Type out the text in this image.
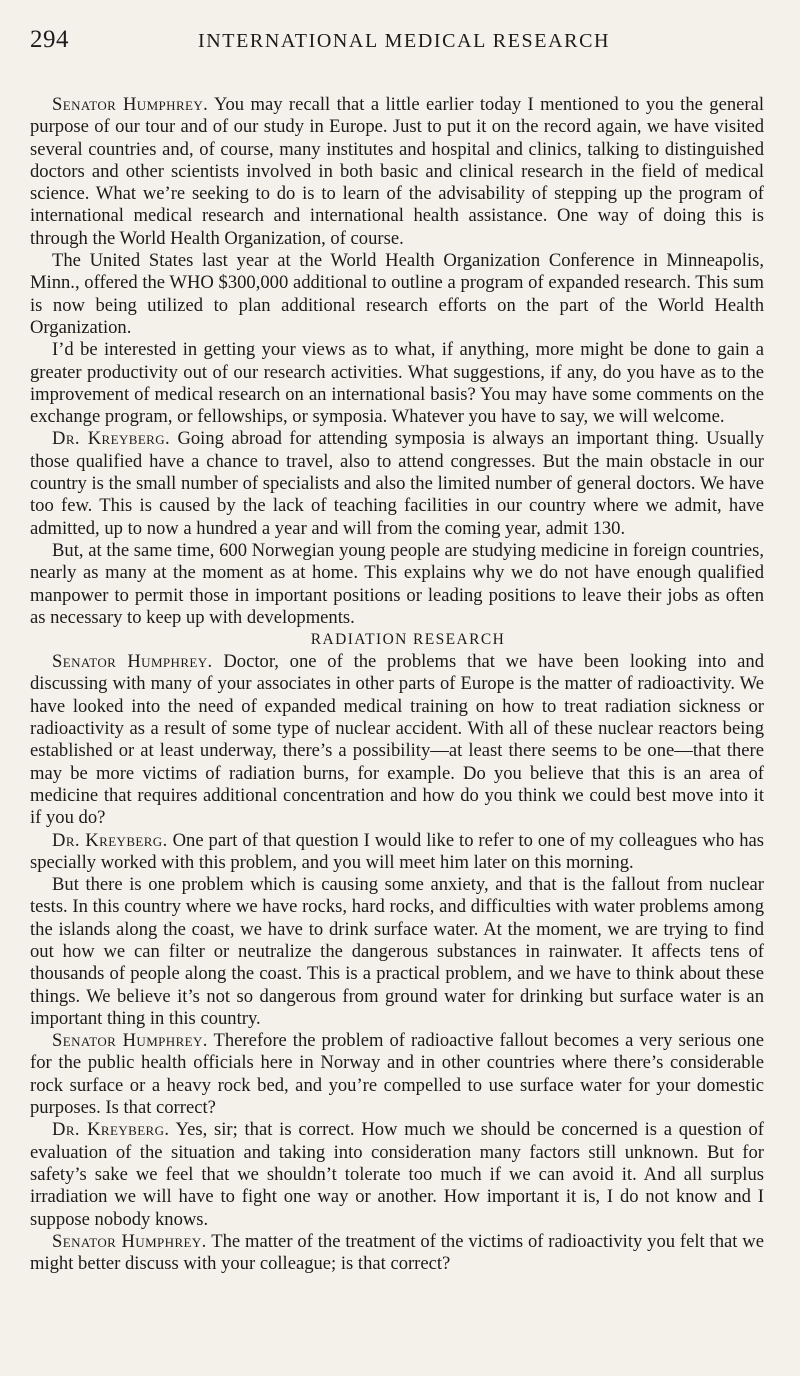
294	INTERNATIONAL MEDICAL RESEARCH

Senator Humphrey. You may recall that a little earlier today I mentioned to you the general purpose of our tour and of our study in Europe. Just to put it on the record again, we have visited several countries and, of course, many institutes and hospital and clinics, talking to distinguished doctors and other scientists involved in both basic and clinical research in the field of medical science. What we’re seeking to do is to learn of the advisability of stepping up the program of international medical research and international health assistance. One way of doing this is through the World Health Organization, of course.

The United States last year at the World Health Organization Conference in Minneapolis, Minn., offered the WHO $300,000 additional to outline a program of expanded research. This sum is now being utilized to plan additional research efforts on the part of the World Health Organization.

I’d be interested in getting your views as to what, if anything, more might be done to gain a greater productivity out of our research activities. What suggestions, if any, do you have as to the improvement of medical research on an international basis? You may have some comments on the exchange program, or fellowships, or symposia. Whatever you have to say, we will welcome.

Dr. Kreyberg. Going abroad for attending symposia is always an important thing. Usually those qualified have a chance to travel, also to attend congresses. But the main obstacle in our country is the small number of specialists and also the limited number of general doctors. We have too few. This is caused by the lack of teaching facilities in our country where we admit, have admitted, up to now a hundred a year and will from the coming year, admit 130.

But, at the same time, 600 Norwegian young people are studying medicine in foreign countries, nearly as many at the moment as at home. This explains why we do not have enough qualified manpower to permit those in important positions or leading positions to leave their jobs as often as necessary to keep up with developments.

RADIATION RESEARCH

Senator Humphrey. Doctor, one of the problems that we have been looking into and discussing with many of your associates in other parts of Europe is the matter of radioactivity. We have looked into the need of expanded medical training on how to treat radiation sickness or radioactivity as a result of some type of nuclear accident. With all of these nuclear reactors being established or at least underway, there’s a possibility—at least there seems to be one—that there may be more victims of radiation burns, for example. Do you believe that this is an area of medicine that requires additional concentration and how do you think we could best move into it if you do?

Dr. Kreyberg. One part of that question I would like to refer to one of my colleagues who has specially worked with this problem, and you will meet him later on this morning.

But there is one problem which is causing some anxiety, and that is the fallout from nuclear tests. In this country where we have rocks, hard rocks, and difficulties with water problems among the islands along the coast, we have to drink surface water. At the moment, we are trying to find out how we can filter or neutralize the dangerous substances in rainwater. It affects tens of thousands of people along the coast. This is a practical problem, and we have to think about these things. We believe it’s not so dangerous from ground water for drinking but surface water is an important thing in this country.

Senator Humphrey. Therefore the problem of radioactive fallout becomes a very serious one for the public health officials here in Norway and in other countries where there’s considerable rock surface or a heavy rock bed, and you’re compelled to use surface water for your domestic purposes. Is that correct?

Dr. Kreyberg. Yes, sir; that is correct. How much we should be concerned is a question of evaluation of the situation and taking into consideration many factors still unknown. But for safety’s sake we feel that we shouldn’t tolerate too much if we can avoid it. And all surplus irradiation we will have to fight one way or another. How important it is, I do not know and I suppose nobody knows.

Senator Humphrey. The matter of the treatment of the victims of radioactivity you felt that we might better discuss with your colleague; is that correct?
